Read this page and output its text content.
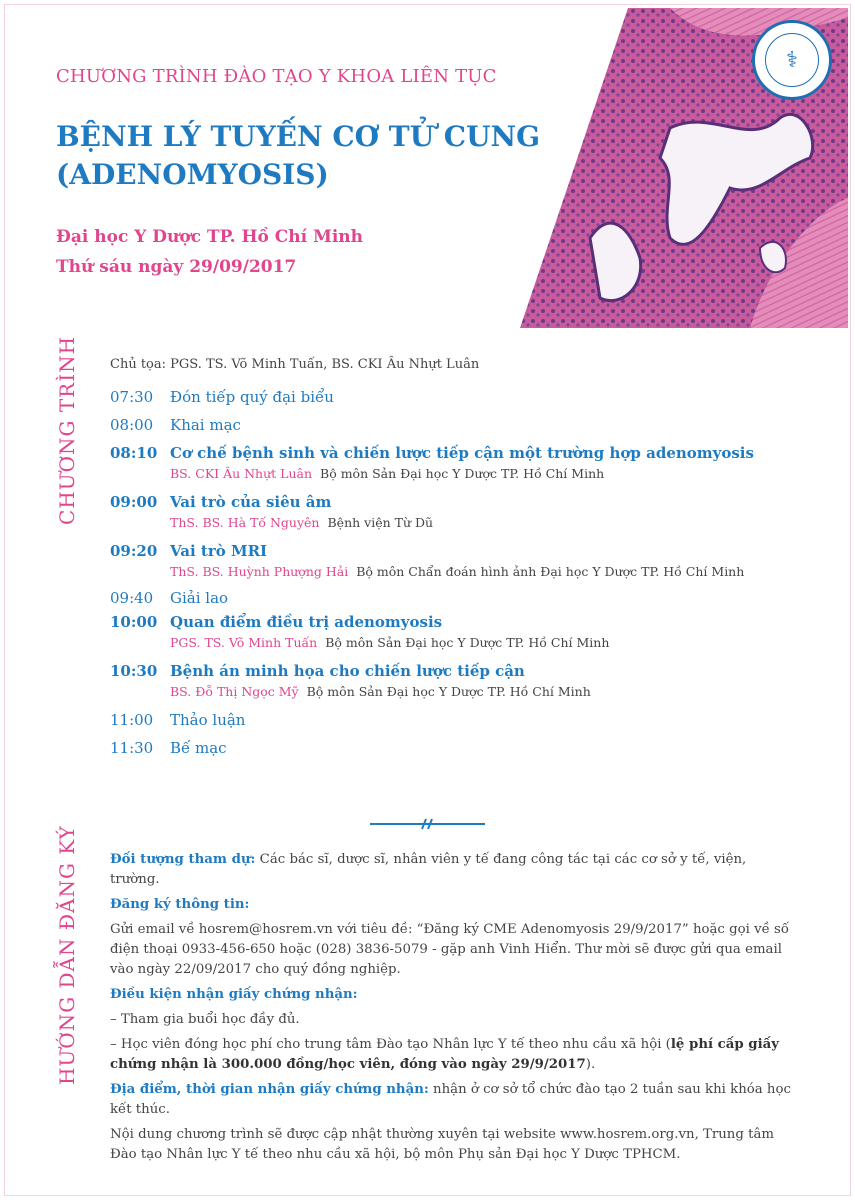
⚕
CHƯƠNG TRÌNH ĐÀO TẠO Y KHOA LIÊN TỤC
BỆNH LÝ TUYẾN CƠ TỬ CUNG
(ADENOMYOSIS)
Đại học Y Dược TP. Hồ Chí Minh
Thứ sáu ngày 29/09/2017
CHƯƠNG TRÌNH
HƯỚNG DẪN ĐĂNG KÝ
Chủ tọa: PGS. TS. Võ Minh Tuấn, BS. CKI Âu Nhựt Luân
07:30	Đón tiếp quý đại biểu
08:00	Khai mạc
08:10 Cơ chế bệnh sinh và chiến lược tiếp cận một trường hợp adenomyosis
BS. CKI Âu Nhựt Luân Bộ môn Sản Đại học Y Dược TP. Hồ Chí Minh
09:00 Vai trò của siêu âm
ThS. BS. Hà Tố Nguyên Bệnh viện Từ Dũ
09:20 Vai trò MRI
ThS. BS. Huỳnh Phượng Hải Bộ môn Chẩn đoán hình ảnh Đại học Y Dược TP. Hồ Chí Minh
09:40	Giải lao
10:00 Quan điểm điều trị adenomyosis
PGS. TS. Võ Minh Tuấn Bộ môn Sản Đại học Y Dược TP. Hồ Chí Minh
10:30 Bệnh án minh họa cho chiến lược tiếp cận
BS. Đỗ Thị Ngọc Mỹ Bộ môn Sản Đại học Y Dược TP. Hồ Chí Minh
11:00	Thảo luận
11:30	Bế mạc

Đối tượng tham dự: Các bác sĩ, dược sĩ, nhân viên y tế đang công tác tại các cơ sở y tế, viện, trường.

Đăng ký thông tin:

Gửi email về hosrem@hosrem.vn với tiêu đề: “Đăng ký CME Adenomyosis 29/9/2017” hoặc gọi về số điện thoại 0933-456-650 hoặc (028) 3836-5079 - gặp anh Vinh Hiển. Thư mời sẽ được gửi qua email vào ngày 22/09/2017 cho quý đồng nghiệp.

Điều kiện nhận giấy chứng nhận:

– Tham gia buổi học đầy đủ.

– Học viên đóng học phí cho trung tâm Đào tạo Nhân lực Y tế theo nhu cầu xã hội (lệ phí cấp giấy chứng nhận là 300.000 đồng/học viên, đóng vào ngày 29/9/2017).

Địa điểm, thời gian nhận giấy chứng nhận: nhận ở cơ sở tổ chức đào tạo 2 tuần sau khi khóa học kết thúc.

Nội dung chương trình sẽ được cập nhật thường xuyên tại website www.hosrem.org.vn, Trung tâm Đào tạo Nhân lực Y tế theo nhu cầu xã hội, bộ môn Phụ sản Đại học Y Dược TPHCM.
